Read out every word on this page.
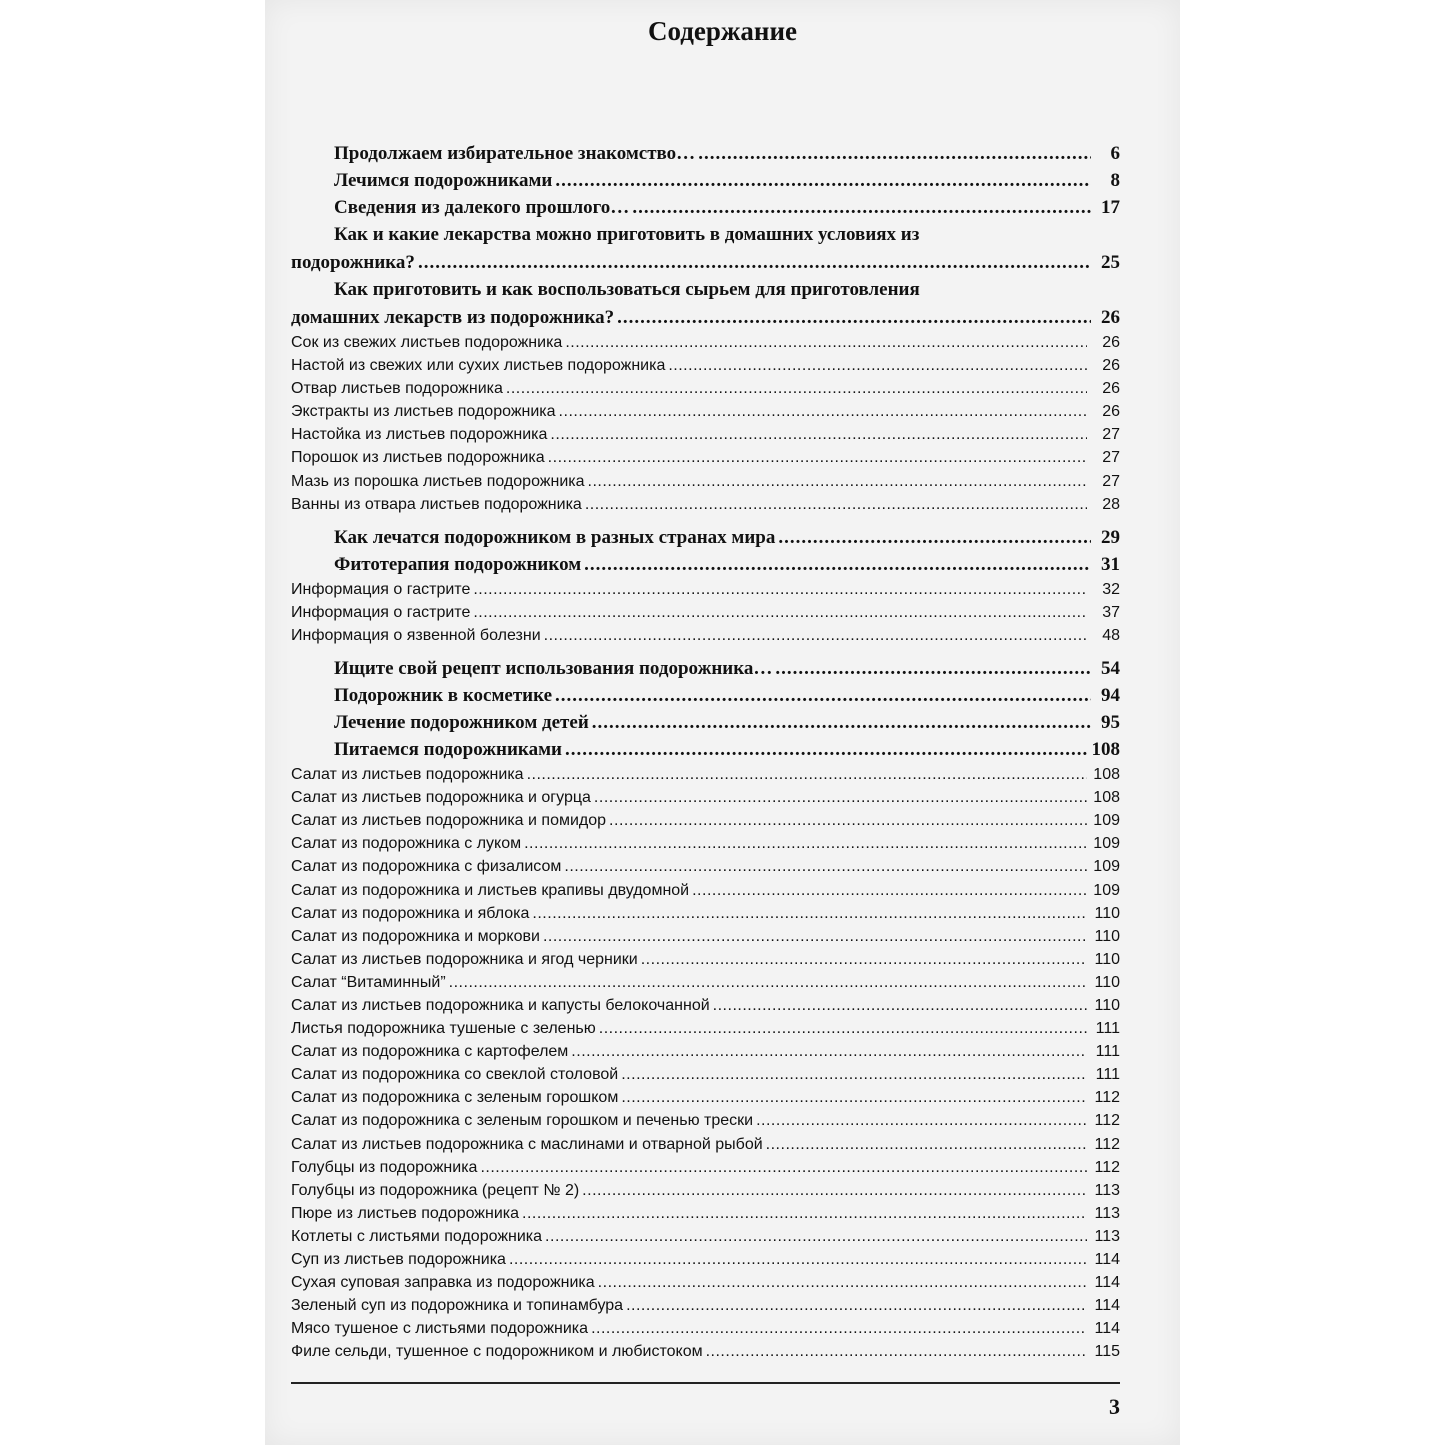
Содержание
Продолжаем избирательное знакомство… .....	6
Лечимся подорожниками .....	8
Сведения из далекого прошлого… .....	17
Как и какие лекарства можно приготовить в домашних условиях из
подорожника? .....	25
Как приготовить и как воспользоваться сырьем для приготовления
домашних лекарств из подорожника? .....	26
Сок из свежих листьев подорожника .....	26
Настой из свежих или сухих листьев подорожника .....	26
Отвар листьев подорожника .....	26
Экстракты из листьев подорожника .....	26
Настойка из листьев подорожника .....	27
Порошок из листьев подорожника .....	27
Мазь из порошка листьев подорожника .....	27
Ванны из отвара листьев подорожника .....	28
Как лечатся подорожником в разных странах мира .....	29
Фитотерапия подорожником .....	31
Информация о гастрите .....	32
Информация о гастрите .....	37
Информация о язвенной болезни .....	48
Ищите свой рецепт использования подорожника… .....	54
Подорожник в косметике .....	94
Лечение подорожником детей .....	95
Питаемся подорожниками .....	108
Салат из листьев подорожника .....	108
Салат из листьев подорожника и огурца .....	108
Салат из листьев подорожника и помидор .....	109
Салат из подорожника с луком .....	109
Салат из подорожника с физалисом .....	109
Салат из подорожника и листьев крапивы двудомной .....	109
Салат из подорожника и яблока .....	110
Салат из подорожника и моркови .....	110
Салат из листьев подорожника и ягод черники .....	110
Салат “Витаминный” .....	110
Салат из листьев подорожника и капусты белокочанной .....	110
Листья подорожника тушеные с зеленью .....	111
Салат из подорожника с картофелем .....	111
Салат из подорожника со свеклой столовой .....	111
Салат из подорожника с зеленым горошком .....	112
Салат из подорожника с зеленым горошком и печенью трески .....	112
Салат из листьев подорожника с маслинами и отварной рыбой .....	112
Голубцы из подорожника .....	112
Голубцы из подорожника (рецепт № 2) .....	113
Пюре из листьев подорожника .....	113
Котлеты с листьями подорожника .....	113
Суп из листьев подорожника .....	114
Сухая суповая заправка из подорожника .....	114
Зеленый суп из подорожника и топинамбура .....	114
Мясо тушеное с листьями подорожника .....	114
Филе сельди, тушенное с подорожником и любистоком .....	115
3
